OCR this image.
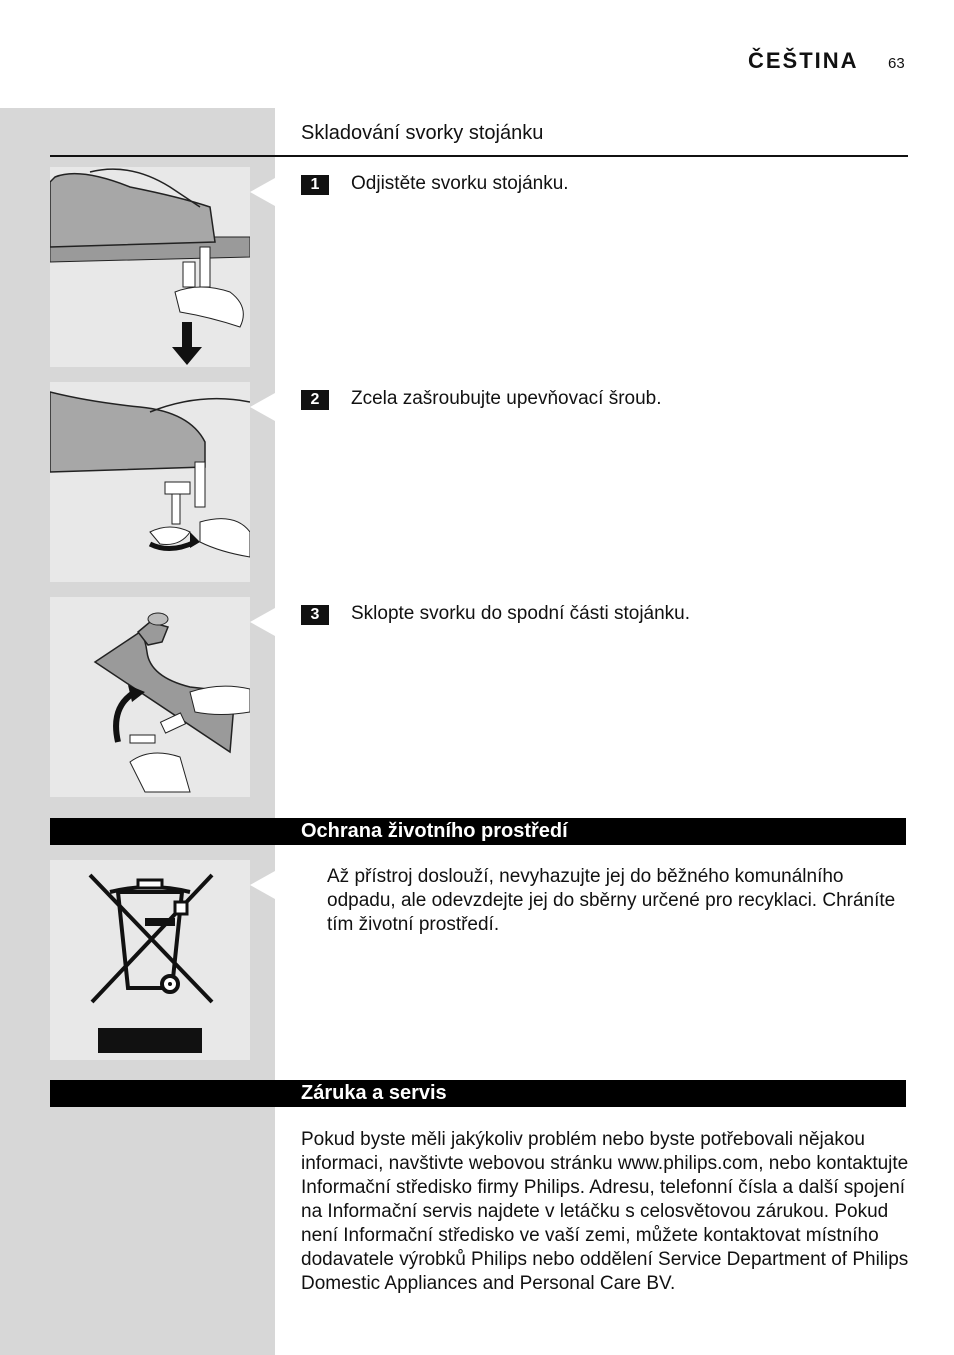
ČEŠTINA 63
Skladování svorky stojánku
1	Odjistěte svorku stojánku.
2	Zcela zašroubujte upevňovací šroub.
3	Sklopte svorku do spodní části stojánku.
Ochrana životního prostředí

Až přístroj doslouží, nevyhazujte jej do běžného komunálního odpadu, ale odevzdejte jej do sběrny určené pro recyklaci. Chráníte tím životní prostředí.

Záruka a servis

Pokud byste měli jakýkoliv problém nebo byste potřebovali nějakou informaci, navštivte webovou stránku www.philips.com, nebo kontaktujte Informační středisko firmy Philips. Adresu, telefonní čísla a další spojení na Informační servis najdete v letáčku s celosvětovou zárukou. Pokud není Informační středisko ve vaší zemi, můžete kontaktovat místního dodavatele výrobků Philips nebo oddělení Service Department of Philips Domestic Appliances and Personal Care BV.
